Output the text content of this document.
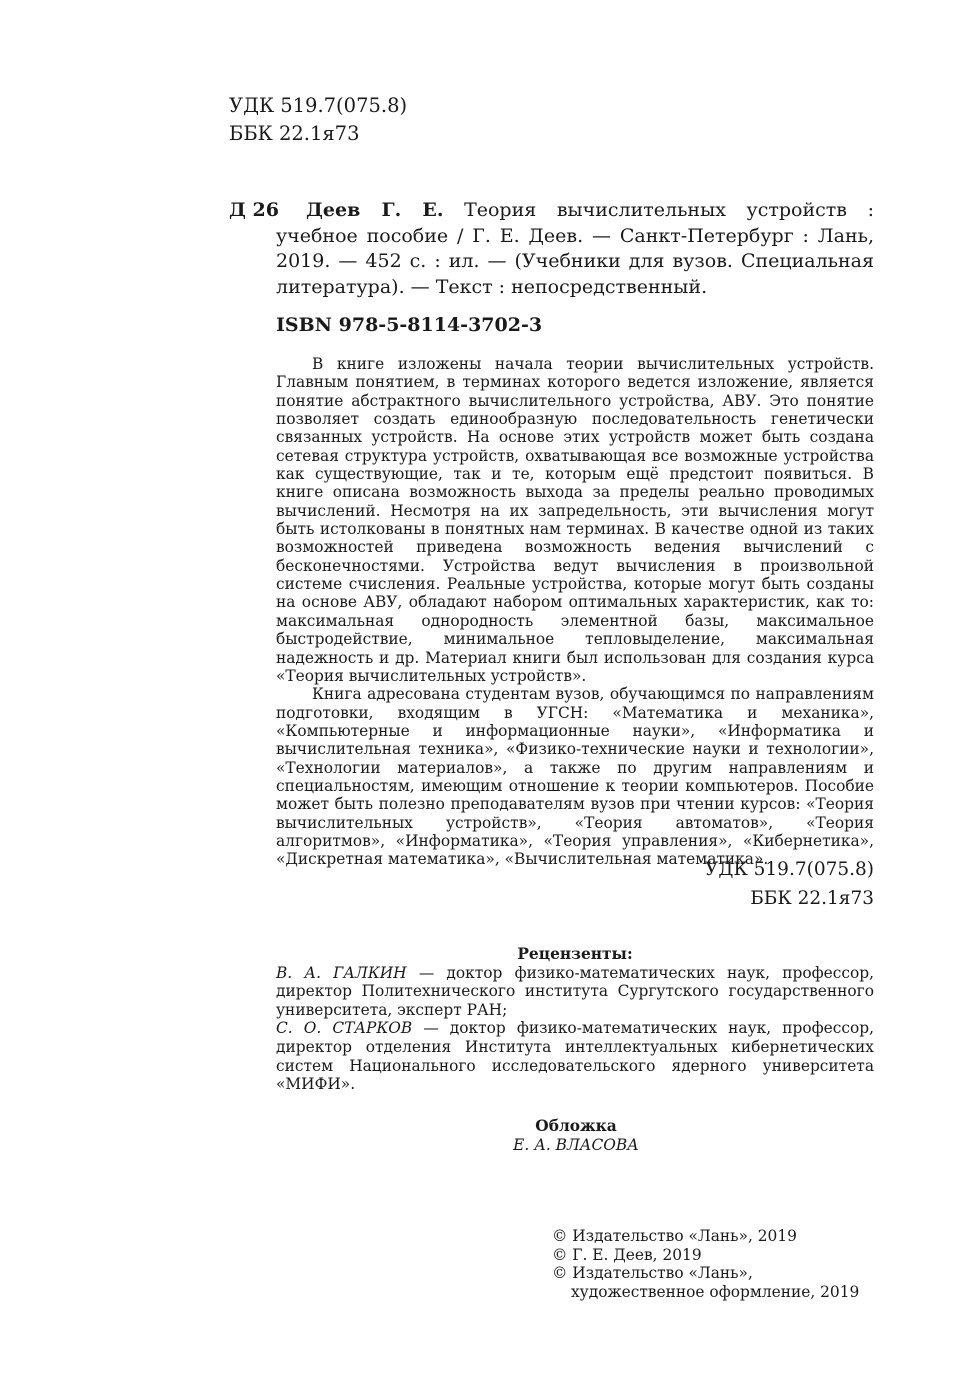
УДК 519.7(075.8)
ББК 22.1я73
Д 26	Деев Г. Е. Теория вычислительных устройств : учебное пособие / Г. Е. Деев. — Санкт-Петербург : Лань, 2019. — 452 с. : ил. — (Учебники для вузов. Специальная литература). — Текст : непосредственный.
ISBN 978-5-8114-3702-3

В книге изложены начала теории вычислительных устройств. Главным понятием, в терминах которого ведется изложение, является понятие абстрактного вычислительного устройства, АВУ. Это понятие позволяет создать единообразную последовательность генетически связанных устройств. На основе этих устройств может быть создана сетевая структура устройств, охватывающая все возможные устройства как существующие, так и те, которым ещё предстоит появиться. В книге описана возможность выхода за пределы реально проводимых вычислений. Несмотря на их запредельность, эти вычисления могут быть истолкованы в понятных нам терминах. В качестве одной из таких возможностей приведена возможность ведения вычислений с бесконечностями. Устройства ведут вычисления в произвольной системе счисления. Реальные устройства, которые могут быть созданы на основе АВУ, обладают набором оптимальных характеристик, как то: максимальная однородность элементной базы, максимальное быстродействие, минимальное тепловыделение, максимальная надежность и др. Материал книги был использован для создания курса «Теория вычислительных устройств».

Книга адресована студентам вузов, обучающимся по направлениям подготовки, входящим в УГСН: «Математика и механика», «Компьютерные и информационные науки», «Информатика и вычислительная техника», «Физико-технические науки и технологии», «Технологии материалов», а также по другим направлениям и специальностям, имеющим отношение к теории компьютеров. Пособие может быть полезно преподавателям вузов при чтении курсов: «Теория вычислительных устройств», «Теория автоматов», «Теория алгоритмов», «Информатика», «Теория управления», «Кибернетика», «Дискретная математика», «Вычислительная математика».

УДК 519.7(075.8)
ББК 22.1я73
Рецензенты:

В. А. ГАЛКИН — доктор физико-математических наук, профессор, директор Политехнического института Сургутского государственного университета, эксперт РАН;

С. О. СТАРКОВ — доктор физико-математических наук, профессор, директор отделения Института интеллектуальных кибернетических систем Национального исследовательского ядерного университета «МИФИ».

Обложка
Е. А. ВЛАСОВА
© Издательство «Лань», 2019
© Г. Е. Деев, 2019
© Издательство «Лань»,
художественное оформление, 2019
